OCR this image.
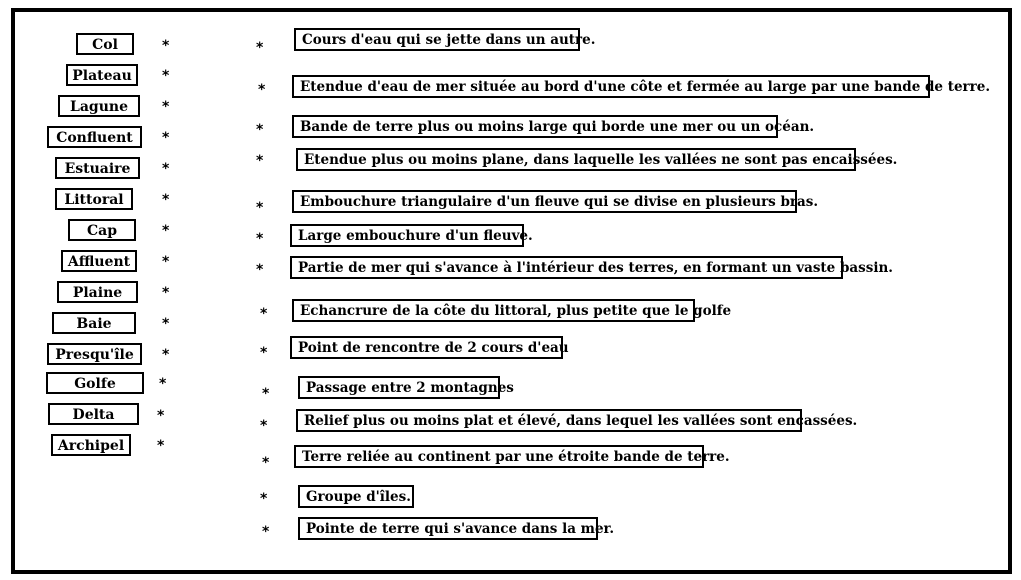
Col
Plateau
Lagune
Confluent
Estuaire
Littoral
Cap
Affluent
Plaine
Baie
Presqu'île
Golfe
Delta
Archipel
*
*
*
*
*
*
*
*
*
*
*
*
*
*
*
*
*
*
*
*
*
*
*
*
*
*
*
*
Cours d'eau qui se jette dans un autre.
Etendue d'eau de mer située au bord d'une côte et fermée au large par une bande de terre.
Bande de terre plus ou moins large qui borde une mer ou un océan.
Etendue plus ou moins plane, dans laquelle les vallées ne sont pas encaissées.
Embouchure triangulaire d'un fleuve qui se divise en plusieurs bras.
Large embouchure d'un fleuve.
Partie de mer qui s'avance à l'intérieur des terres, en formant un vaste bassin.
Echancrure de la côte du littoral, plus petite que le golfe
Point de rencontre de 2 cours d'eau
Passage entre 2 montagnes
Relief plus ou moins plat et élevé, dans lequel les vallées sont encassées.
Terre reliée au continent par une étroite bande de terre.
Groupe d'îles.
Pointe de terre qui s'avance dans la mer.
